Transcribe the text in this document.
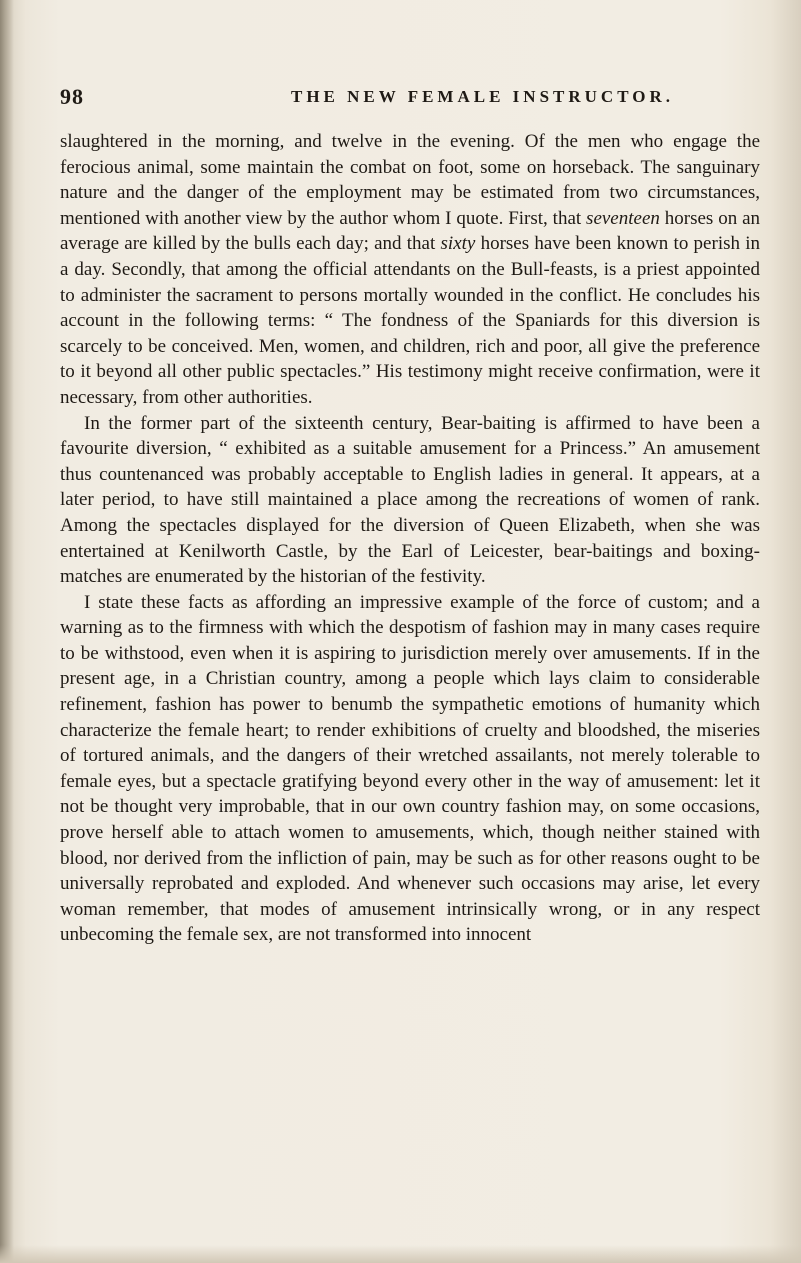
98	THE NEW FEMALE INSTRUCTOR.

slaughtered in the morning, and twelve in the evening. Of the men who engage the ferocious animal, some maintain the combat on foot, some on horseback. The sanguinary nature and the danger of the employment may be estimated from two circumstances, mentioned with another view by the author whom I quote. First, that seventeen horses on an average are killed by the bulls each day; and that sixty horses have been known to perish in a day. Secondly, that among the official attendants on the Bull-feasts, is a priest appointed to administer the sacrament to persons mortally wounded in the conflict. He concludes his account in the following terms: “ The fondness of the Spaniards for this diversion is scarcely to be conceived. Men, women, and children, rich and poor, all give the preference to it beyond all other public spectacles.” His testimony might receive confirmation, were it necessary, from other authorities.

In the former part of the sixteenth century, Bear-baiting is affirmed to have been a favourite diversion, “ exhibited as a suitable amusement for a Princess.” An amusement thus countenanced was probably acceptable to English ladies in general. It appears, at a later period, to have still maintained a place among the recreations of women of rank. Among the spectacles displayed for the diversion of Queen Elizabeth, when she was entertained at Kenilworth Castle, by the Earl of Leicester, bear-baitings and boxing-matches are enumerated by the historian of the festivity.

I state these facts as affording an impressive example of the force of custom; and a warning as to the firmness with which the despotism of fashion may in many cases require to be withstood, even when it is aspiring to jurisdiction merely over amusements. If in the present age, in a Christian country, among a people which lays claim to considerable refinement, fashion has power to benumb the sympathetic emotions of humanity which characterize the female heart; to render exhibitions of cruelty and bloodshed, the miseries of tortured animals, and the dangers of their wretched assailants, not merely tolerable to female eyes, but a spectacle gratifying beyond every other in the way of amusement: let it not be thought very improbable, that in our own country fashion may, on some occasions, prove herself able to attach women to amusements, which, though neither stained with blood, nor derived from the infliction of pain, may be such as for other reasons ought to be universally reprobated and exploded. And whenever such occasions may arise, let every woman remember, that modes of amusement intrinsically wrong, or in any respect unbecoming the female sex, are not transformed into innocent
